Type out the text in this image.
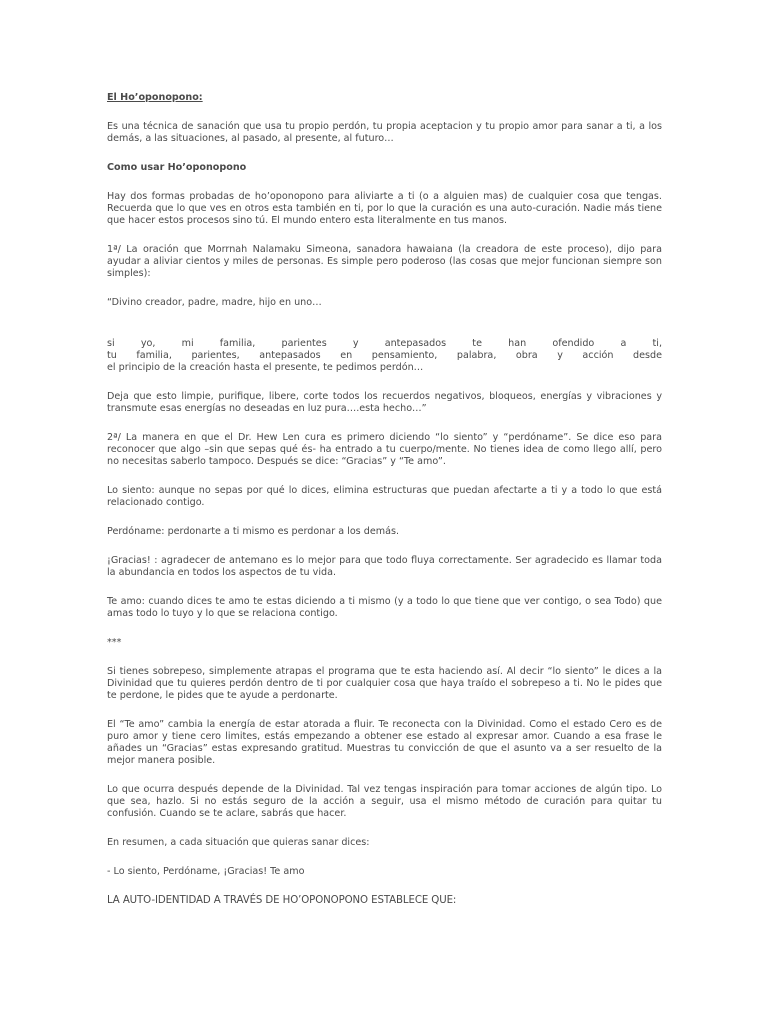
El Ho’oponopono:

Es una técnica de sanación que usa tu propio perdón, tu propia aceptacion y tu propio amor para sanar a ti, a los demás, a las situaciones, al pasado, al presente, al futuro…

Como usar Ho’oponopono

Hay dos formas probadas de ho’oponopono para aliviarte a ti (o a alguien mas) de cualquier cosa que tengas. Recuerda que lo que ves en otros esta también en ti, por lo que la curación es una auto-curación. Nadie más tiene que hacer estos procesos sino tú. El mundo entero esta literalmente en tus manos.

1ª/ La oración que Morrnah Nalamaku Simeona, sanadora hawaiana (la creadora de este proceso), dijo para ayudar a aliviar cientos y miles de personas. Es simple pero poderoso (las cosas que mejor funcionan siempre son simples):

“Divino creador, padre, madre, hijo en uno…

si yo, mi familia, parientes y antepasados te han ofendido a ti,

tu familia, parientes, antepasados en pensamiento, palabra, obra y acción desde

el principio de la creación hasta el presente, te pedimos perdón…

Deja que esto limpie, purifique, libere, corte todos los recuerdos negativos, bloqueos, energías y vibraciones y transmute esas energías no deseadas en luz pura….esta hecho…”

2ª/ La manera en que el Dr. Hew Len cura es primero diciendo “lo siento” y “perdóname”. Se dice eso para reconocer que algo –sin que sepas qué és- ha entrado a tu cuerpo/mente. No tienes idea de como llego allí, pero no necesitas saberlo tampoco. Después se dice: “Gracias” y “Te amo”.

Lo siento: aunque no sepas por qué lo dices, elimina estructuras que puedan afectarte a ti y a todo lo que está relacionado contigo.

Perdóname: perdonarte a ti mismo es perdonar a los demás.

¡Gracias! : agradecer de antemano es lo mejor para que todo fluya correctamente. Ser agradecido es llamar toda la abundancia en todos los aspectos de tu vida.

Te amo: cuando dices te amo te estas diciendo a ti mismo (y a todo lo que tiene que ver contigo, o sea Todo) que amas todo lo tuyo y lo que se relaciona contigo.

***

Si tienes sobrepeso, simplemente atrapas el programa que te esta haciendo así. Al decir “lo siento” le dices a la Divinidad que tu quieres perdón dentro de ti por cualquier cosa que haya traído el sobrepeso a ti. No le pides que te perdone, le pides que te ayude a perdonarte.

El “Te amo” cambia la energía de estar atorada a fluir. Te reconecta con la Divinidad. Como el estado Cero es de puro amor y tiene cero limites, estás empezando a obtener ese estado al expresar amor. Cuando a esa frase le añades un “Gracias” estas expresando gratitud. Muestras tu convicción de que el asunto va a ser resuelto de la mejor manera posible.

Lo que ocurra después depende de la Divinidad. Tal vez tengas inspiración para tomar acciones de algún tipo. Lo que sea, hazlo. Si no estás seguro de la acción a seguir, usa el mismo método de curación para quitar tu confusión. Cuando se te aclare, sabrás que hacer.

En resumen, a cada situación que quieras sanar dices:

- Lo siento, Perdóname, ¡Gracias! Te amo

LA AUTO-IDENTIDAD A TRAVÉS DE HO’OPONOPONO ESTABLECE QUE:
